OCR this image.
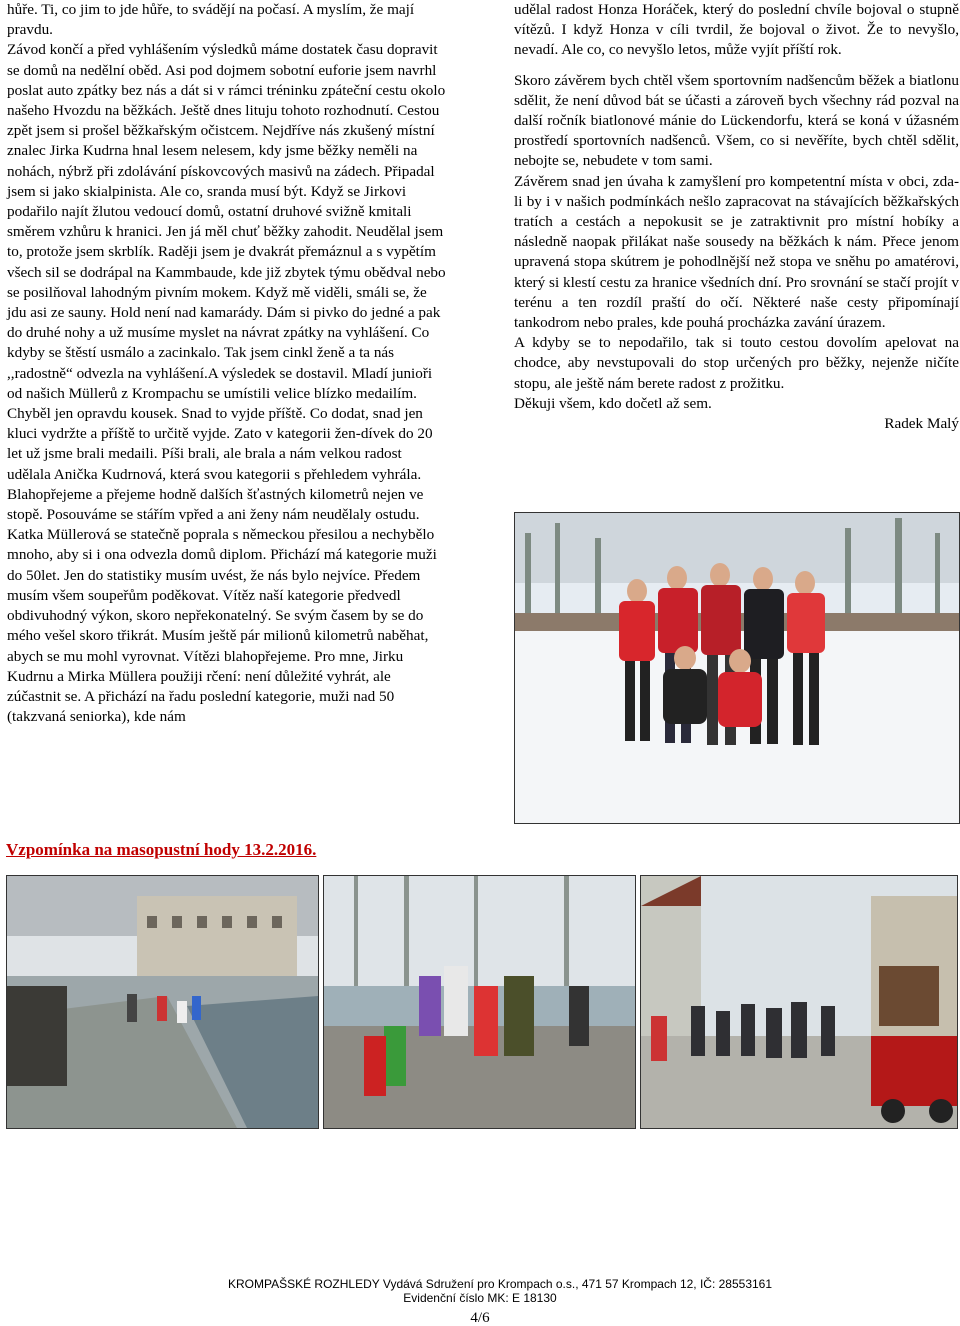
hůře. Ti, co jim to jde hůře, to svádějí na počasí. A myslím, že mají pravdu.

Závod končí a před vyhlášením výsledků máme dostatek času dopravit se domů na nedělní oběd. Asi pod dojmem sobotní euforie jsem navrhl poslat auto zpátky bez nás a dát si v rámci tréninku zpáteční cestu okolo našeho Hvozdu na běžkách. Ještě dnes lituju tohoto rozhodnutí. Cestou zpět jsem si prošel běžkařským očistcem. Nejdříve nás zkušený místní znalec Jirka Kudrna hnal lesem nelesem, kdy jsme běžky neměli na nohách, nýbrž při zdolávání pískovcových masivů na zádech. Připadal jsem si jako skialpinista. Ale co, sranda musí být. Když se Jirkovi podařilo najít žlutou vedoucí domů, ostatní druhové svižně kmitali směrem vzhůru k hranici. Jen já měl chuť běžky zahodit. Neudělal jsem to, protože jsem skrblík. Raději jsem je dvakrát přemáznul a s vypětím všech sil se dodrápal na Kammbaude, kde již zbytek týmu obědval nebo se posilňoval lahodným pivním mokem. Když mě viděli, smáli se, že jdu asi ze sauny. Hold není nad kamarády. Dám si pivko do jedné a pak do druhé nohy a už musíme myslet na návrat zpátky na vyhlášení. Co kdyby se štěstí usmálo a zacinkalo. Tak jsem cinkl ženě a ta nás ,,radostně“ odvezla na vyhlášení.A výsledek se dostavil. Mladí junioři od našich Müllerů z Krompachu se umístili velice blízko medailím. Chyběl jen opravdu kousek. Snad to vyjde příště. Co dodat, snad jen kluci vydržte a příště to určitě vyjde. Zato v kategorii žen-dívek do 20 let už jsme brali medaili. Píši brali, ale brala a nám velkou radost udělala Anička Kudrnová, která svou kategorii s přehledem vyhrála. Blahopřejeme a přejeme hodně dalších šťastných kilometrů nejen ve stopě. Posouváme se stářím vpřed a ani ženy nám neudělaly ostudu. Katka Müllerová se statečně poprala s německou přesilou a nechybělo mnoho, aby si i ona odvezla domů diplom. Přichází má kategorie muži do 50let. Jen do statistiky musím uvést, že nás bylo nejvíce. Předem musím všem soupeřům poděkovat. Vítěz naší kategorie předvedl obdivuhodný výkon, skoro nepřekonatelný. Se svým časem by se do mého vešel skoro třikrát. Musím ještě pár milionů kilometrů naběhat, abych se mu mohl vyrovnat. Vítězi blahopřejeme. Pro mne, Jirku Kudrnu a Mirka Müllera použiji rčení: není důležité vyhrát, ale zúčastnit se. A přichází na řadu poslední kategorie, muži nad 50 (takzvaná seniorka), kde nám

udělal radost Honza Horáček, který do poslední chvíle bojoval o stupně vítězů. I když Honza v cíli tvrdil, že bojoval o život. Že to nevyšlo, nevadí. Ale co, co nevyšlo letos, může vyjít příští rok.

Skoro závěrem bych chtěl všem sportovním nadšencům běžek a biatlonu sdělit, že není důvod bát se účasti a zároveň bych všechny rád pozval na další ročník biatlonové mánie do Lückendorfu, která se koná v úžasném prostředí sportovních nadšenců. Všem, co si nevěříte, bych chtěl sdělit, nebojte se, nebudete v tom sami.

Závěrem snad jen úvaha k zamyšlení pro kompetentní místa v obci, zda-li by i v našich podmínkách nešlo zapracovat na stávajících běžkařských tratích a cestách a nepokusit se je zatraktivnit pro místní hobíky a následně naopak přilákat naše sousedy na běžkách k nám. Přece jenom upravená stopa skútrem je pohodlnější než stopa ve sněhu po amatérovi, který si klestí cestu za hranice všedních dní. Pro srovnání se stačí projít v terénu a ten rozdíl praští do očí. Některé naše cesty připomínají tankodrom nebo prales, kde pouhá procházka zavání úrazem.

A kdyby se to nepodařilo, tak si touto cestou dovolím apelovat na chodce, aby nevstupovali do stop určených pro běžky, nejenže ničíte stopu, ale ještě nám berete radost z prožitku.

Děkuji všem, kdo dočetl až sem.

Radek Malý

Vzpomínka na masopustní hody 13.2.2016.
KROMPAŠSKÉ ROZHLEDY Vydává Sdružení pro Krompach o.s., 471 57 Krompach 12, IČ: 28553161
Evidenční číslo MK: E 18130
4/6
